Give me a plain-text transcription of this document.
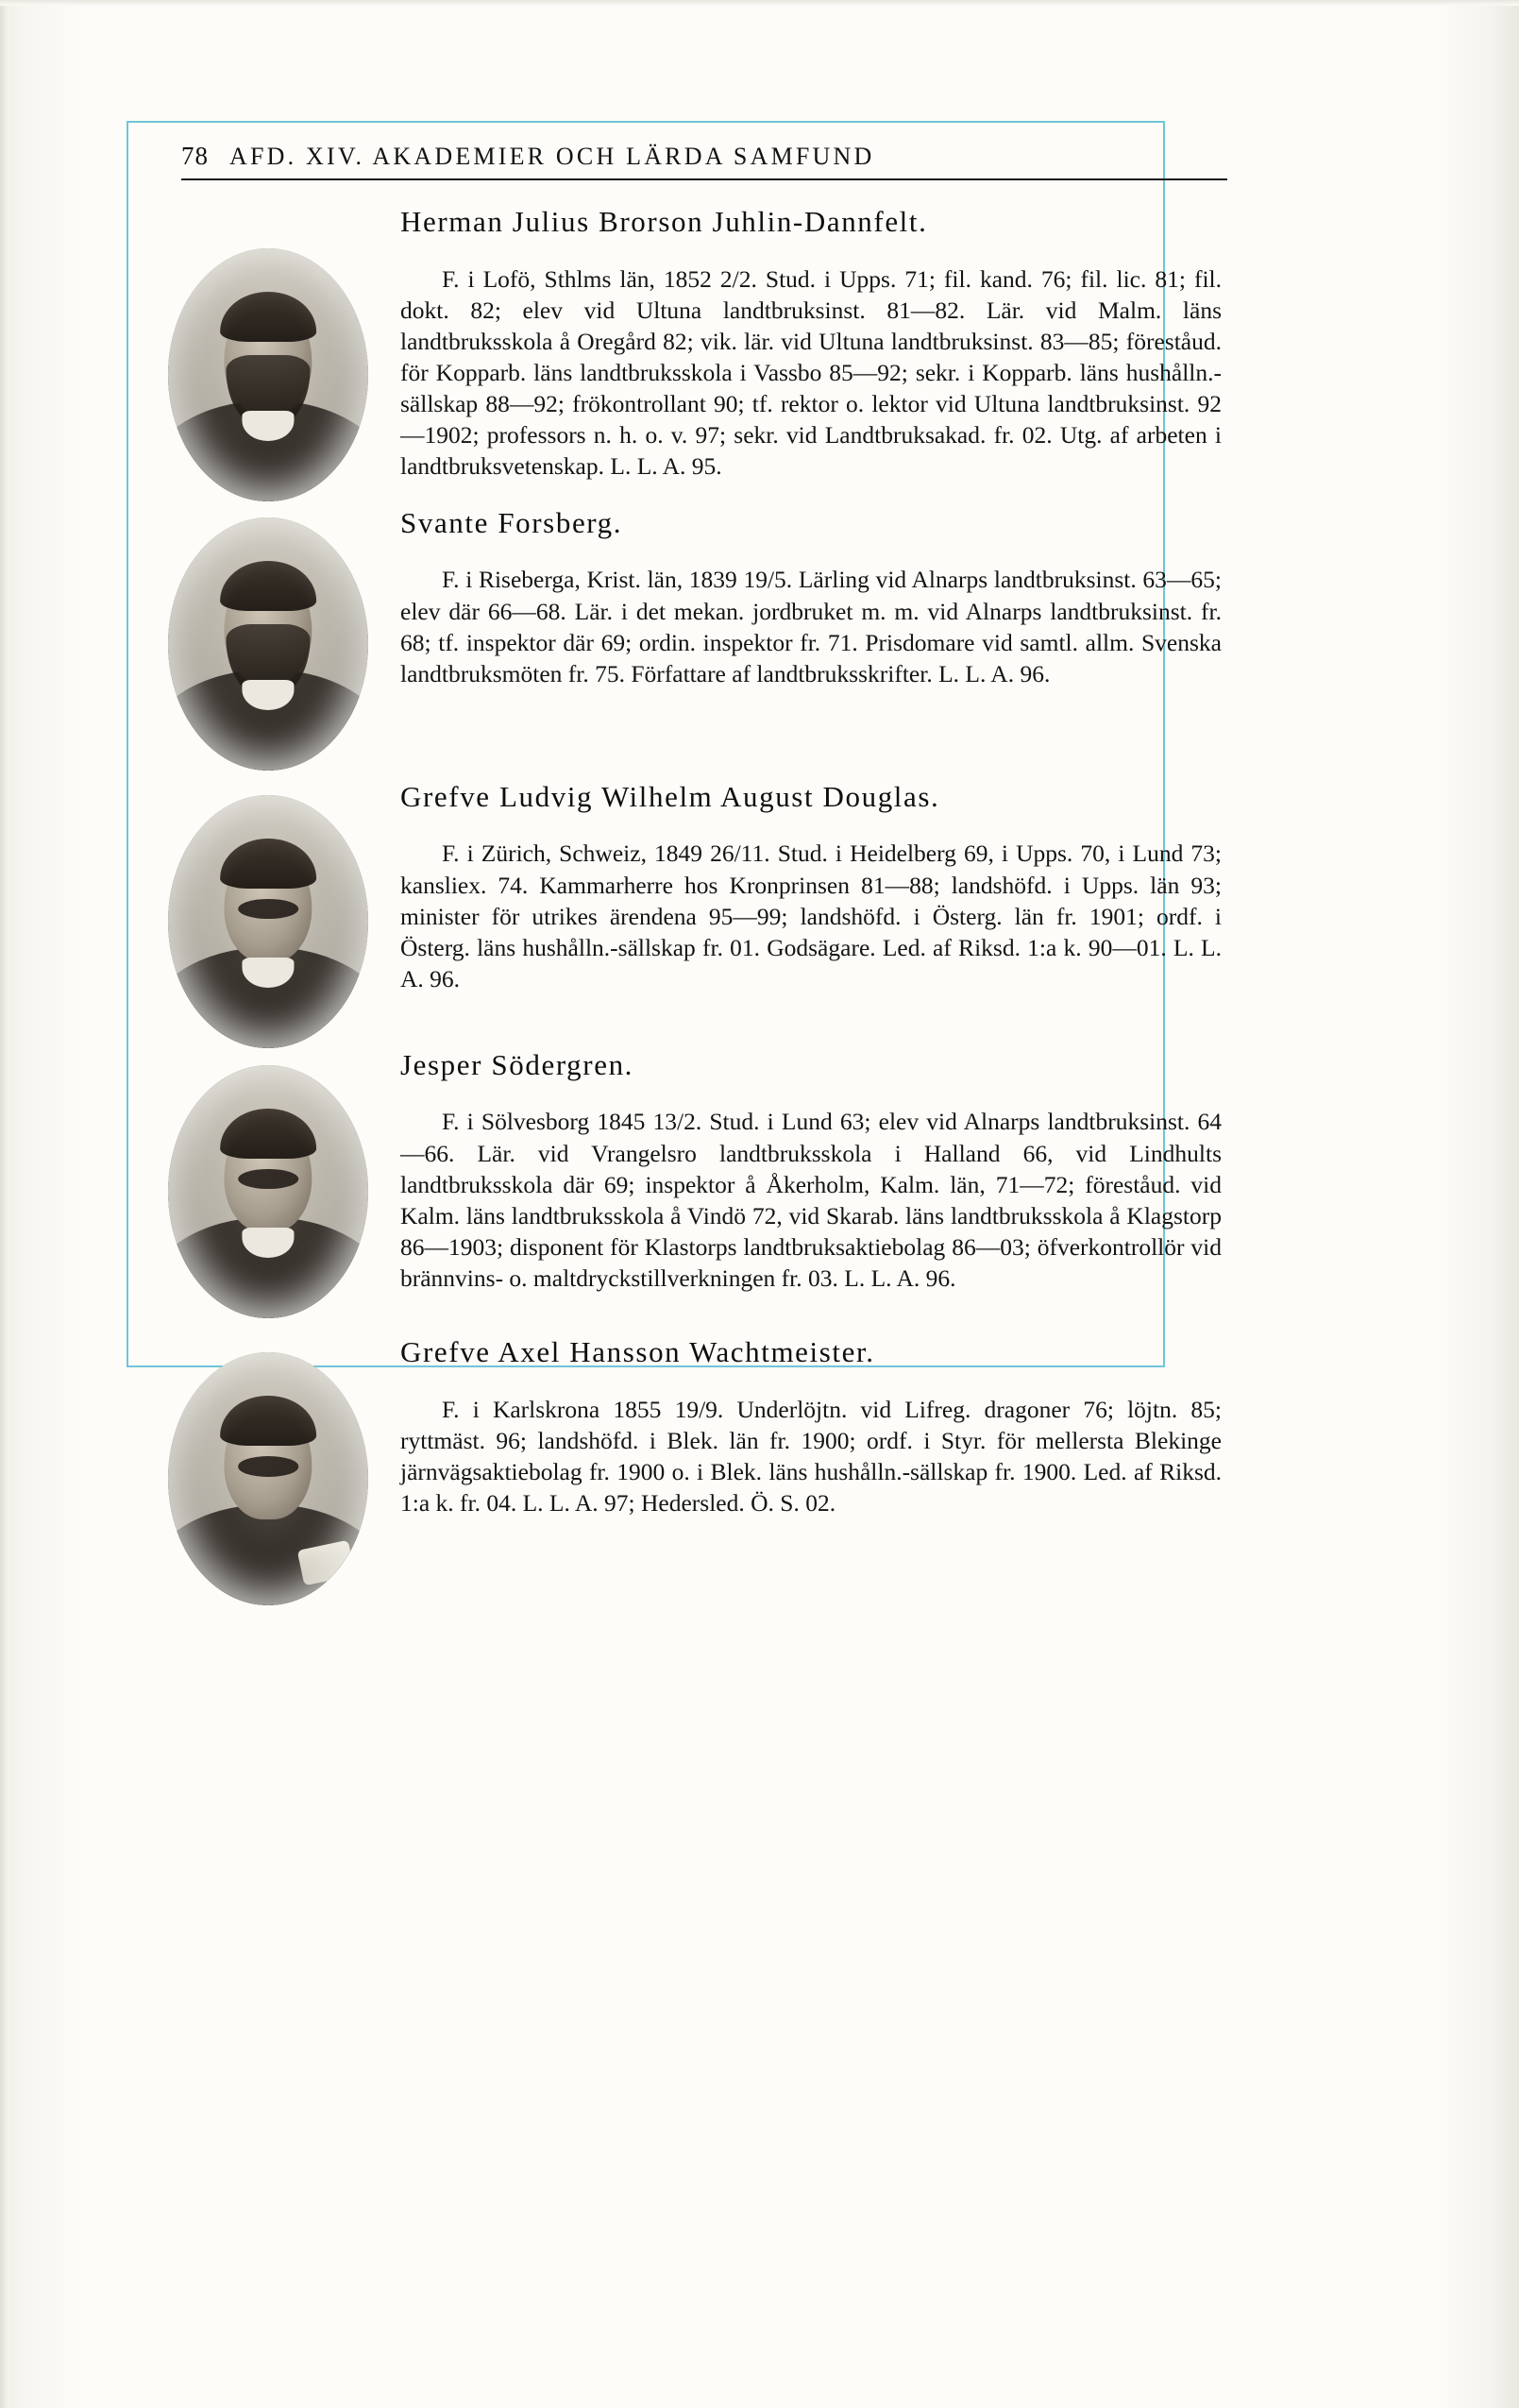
78 AFD. XIV. AKADEMIER OCH LÄRDA SAMFUND
Herman Julius Brorson Juhlin-Dannfelt.

F. i Lofö, Sthlms län, 1852 2/2. Stud. i Upps. 71; fil. kand. 76; fil. lic. 81; fil. dokt. 82; elev vid Ultuna landtbruksinst. 81—82. Lär. vid Malm. läns landtbruksskola å Oregård 82; vik. lär. vid Ultuna landtbruksinst. 83—85; föreståud. för Kopparb. läns landtbruksskola i Vassbo 85—92; sekr. i Kopparb. läns hushålln.-sällskap 88—92; frökontrollant 90; tf. rektor o. lektor vid Ultuna landtbruksinst. 92—1902; professors n. h. o. v. 97; sekr. vid Landtbruksakad. fr. 02. Utg. af arbeten i landtbruksvetenskap. L. L. A. 95.

Svante Forsberg.

F. i Riseberga, Krist. län, 1839 19/5. Lärling vid Alnarps landtbruksinst. 63—65; elev där 66—68. Lär. i det mekan. jordbruket m. m. vid Alnarps landtbruksinst. fr. 68; tf. inspektor där 69; ordin. inspektor fr. 71. Prisdomare vid samtl. allm. Svenska landtbruksmöten fr. 75. Författare af landtbruksskrifter. L. L. A. 96.

Grefve Ludvig Wilhelm August Douglas.

F. i Zürich, Schweiz, 1849 26/11. Stud. i Heidelberg 69, i Upps. 70, i Lund 73; kansliex. 74. Kammarherre hos Kronprinsen 81—88; landshöfd. i Upps. län 93; minister för utrikes ärendena 95—99; landshöfd. i Österg. län fr. 1901; ordf. i Österg. läns hushålln.-sällskap fr. 01. Godsägare. Led. af Riksd. 1:a k. 90—01. L. L. A. 96.

Jesper Södergren.

F. i Sölvesborg 1845 13/2. Stud. i Lund 63; elev vid Alnarps landtbruksinst. 64—66. Lär. vid Vrangelsro landtbruksskola i Halland 66, vid Lindhults landtbruksskola där 69; inspektor å Åkerholm, Kalm. län, 71—72; föreståud. vid Kalm. läns landtbruksskola å Vindö 72, vid Skarab. läns landtbruksskola å Klagstorp 86—1903; disponent för Klastorps landtbruksaktiebolag 86—03; öfverkontrollör vid brännvins- o. maltdryckstillverkningen fr. 03. L. L. A. 96.

Grefve Axel Hansson Wachtmeister.

F. i Karlskrona 1855 19/9. Underlöjtn. vid Lifreg. dragoner 76; löjtn. 85; ryttmäst. 96; landshöfd. i Blek. län fr. 1900; ordf. i Styr. för mellersta Blekinge järnvägsaktiebolag fr. 1900 o. i Blek. läns hushålln.-sällskap fr. 1900. Led. af Riksd. 1:a k. fr. 04. L. L. A. 97; Hedersled. Ö. S. 02.
